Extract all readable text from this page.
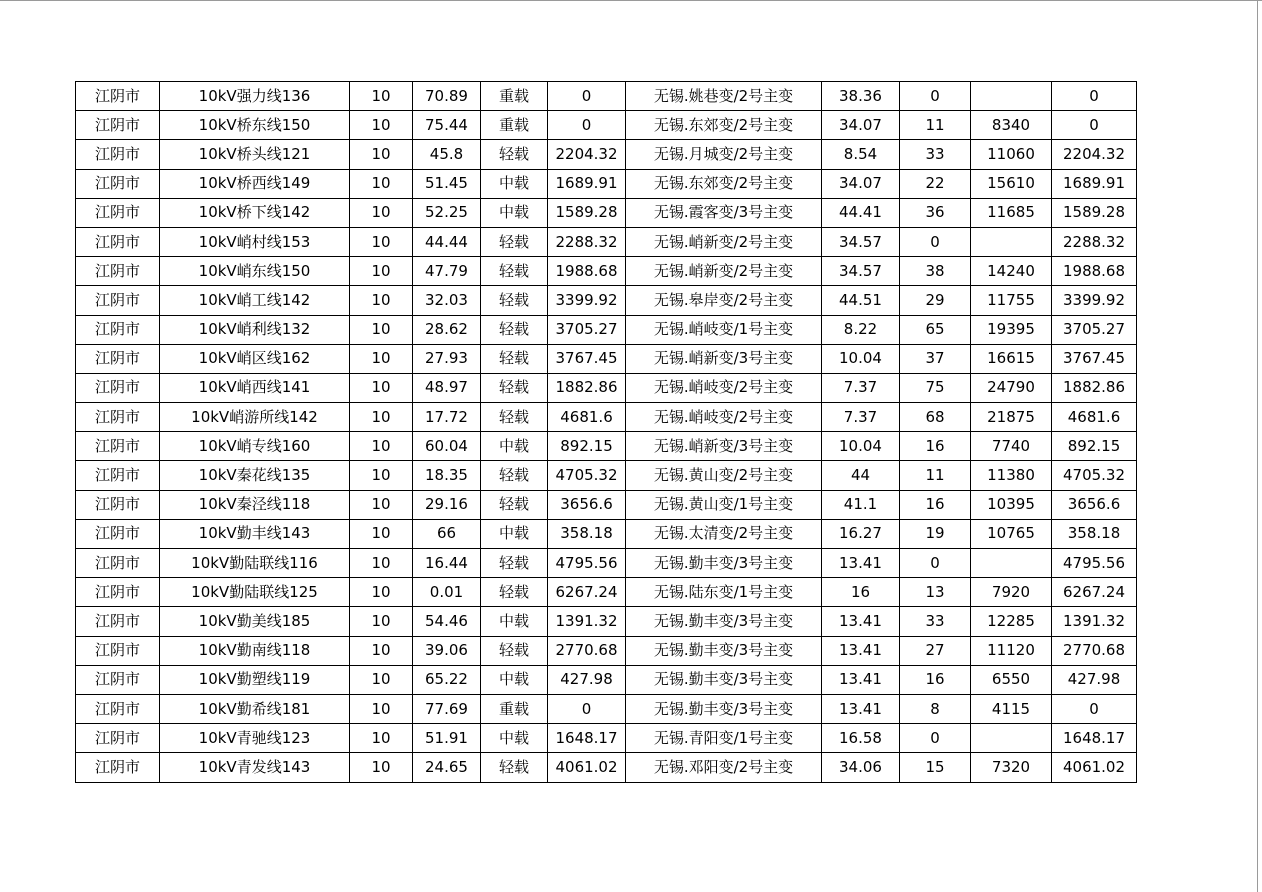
江阴市	10kV强力线136	10	70.89	重载	0	无锡.姚巷变/2号主变	38.36	0		0
江阴市	10kV桥东线150	10	75.44	重载	0	无锡.东郊变/2号主变	34.07	11	8340	0
江阴市	10kV桥头线121	10	45.8	轻载	2204.32	无锡.月城变/2号主变	8.54	33	11060	2204.32
江阴市	10kV桥西线149	10	51.45	中载	1689.91	无锡.东郊变/2号主变	34.07	22	15610	1689.91
江阴市	10kV桥下线142	10	52.25	中载	1589.28	无锡.霞客变/3号主变	44.41	36	11685	1589.28
江阴市	10kV峭村线153	10	44.44	轻载	2288.32	无锡.峭新变/2号主变	34.57	0		2288.32
江阴市	10kV峭东线150	10	47.79	轻载	1988.68	无锡.峭新变/2号主变	34.57	38	14240	1988.68
江阴市	10kV峭工线142	10	32.03	轻载	3399.92	无锡.皋岸变/2号主变	44.51	29	11755	3399.92
江阴市	10kV峭利线132	10	28.62	轻载	3705.27	无锡.峭岐变/1号主变	8.22	65	19395	3705.27
江阴市	10kV峭区线162	10	27.93	轻载	3767.45	无锡.峭新变/3号主变	10.04	37	16615	3767.45
江阴市	10kV峭西线141	10	48.97	轻载	1882.86	无锡.峭岐变/2号主变	7.37	75	24790	1882.86
江阴市	10kV峭游所线142	10	17.72	轻载	4681.6	无锡.峭岐变/2号主变	7.37	68	21875	4681.6
江阴市	10kV峭专线160	10	60.04	中载	892.15	无锡.峭新变/3号主变	10.04	16	7740	892.15
江阴市	10kV秦花线135	10	18.35	轻载	4705.32	无锡.黄山变/2号主变	44	11	11380	4705.32
江阴市	10kV秦泾线118	10	29.16	轻载	3656.6	无锡.黄山变/1号主变	41.1	16	10395	3656.6
江阴市	10kV勤丰线143	10	66	中载	358.18	无锡.太清变/2号主变	16.27	19	10765	358.18
江阴市	10kV勤陆联线116	10	16.44	轻载	4795.56	无锡.勤丰变/3号主变	13.41	0		4795.56
江阴市	10kV勤陆联线125	10	0.01	轻载	6267.24	无锡.陆东变/1号主变	16	13	7920	6267.24
江阴市	10kV勤美线185	10	54.46	中载	1391.32	无锡.勤丰变/3号主变	13.41	33	12285	1391.32
江阴市	10kV勤南线118	10	39.06	轻载	2770.68	无锡.勤丰变/3号主变	13.41	27	11120	2770.68
江阴市	10kV勤塑线119	10	65.22	中载	427.98	无锡.勤丰变/3号主变	13.41	16	6550	427.98
江阴市	10kV勤希线181	10	77.69	重载	0	无锡.勤丰变/3号主变	13.41	8	4115	0
江阴市	10kV青驰线123	10	51.91	中载	1648.17	无锡.青阳变/1号主变	16.58	0		1648.17
江阴市	10kV青发线143	10	24.65	轻载	4061.02	无锡.邓阳变/2号主变	34.06	15	7320	4061.02
